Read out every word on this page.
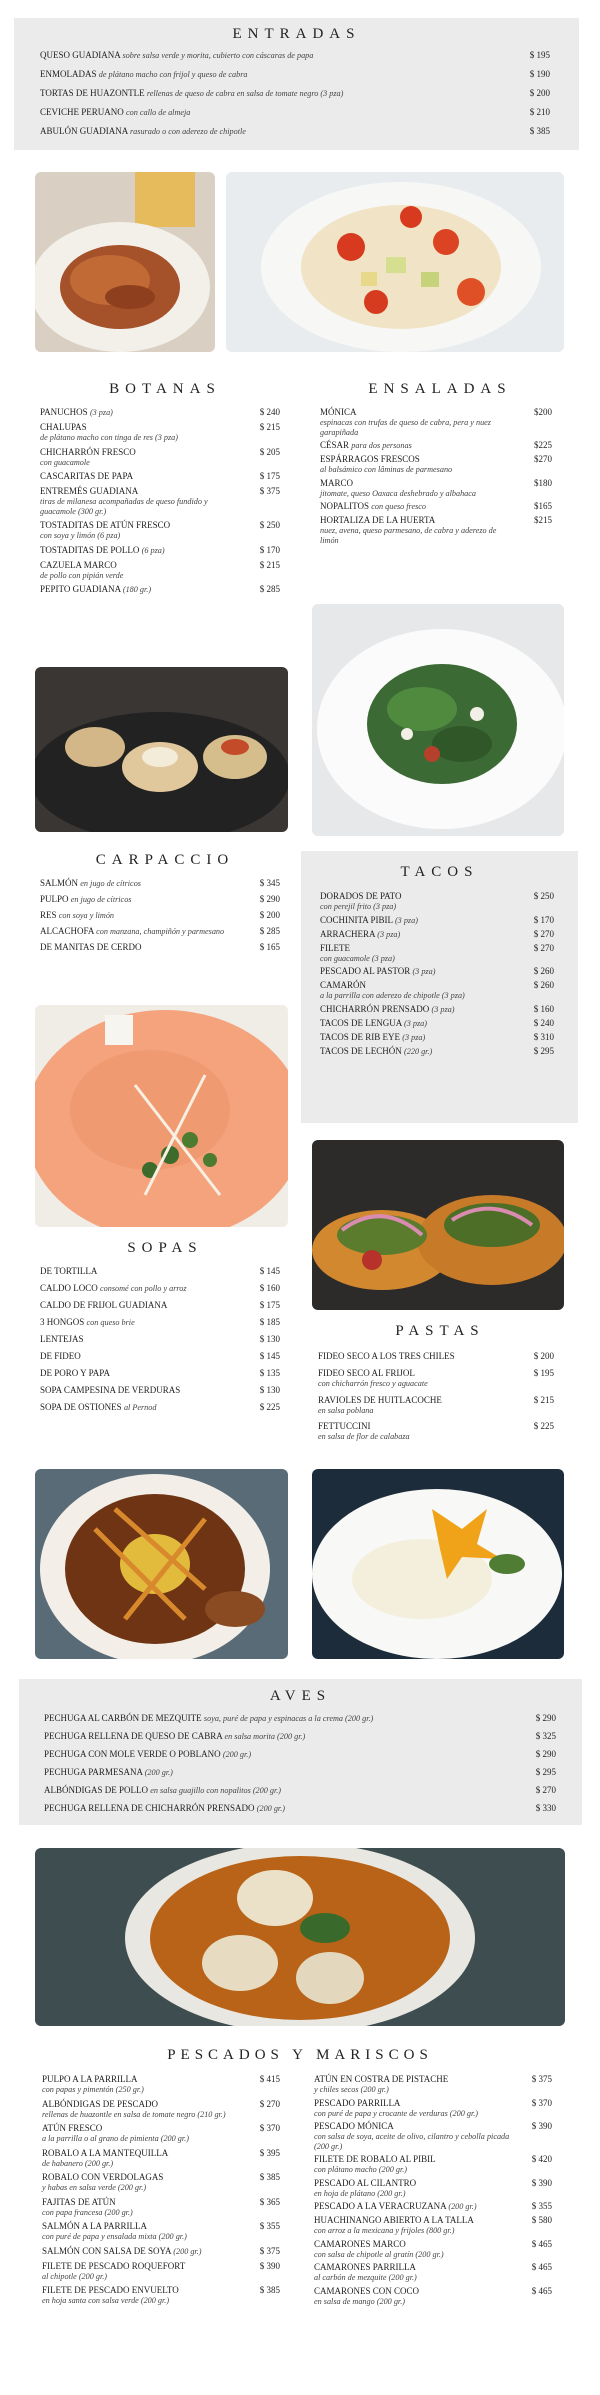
ENTRADAS
QUESO GUADIANA sobre salsa verde y morita, cubierto con cáscaras de papa	$ 195
ENMOLADAS de plátano macho con frijol y queso de cabra	$ 190
TORTAS DE HUAZONTLE rellenas de queso de cabra en salsa de tomate negro (3 pza)	$ 200
CEVICHE PERUANO con callo de almeja	$ 210
ABULÓN GUADIANA rasurado o con aderezo de chipotle	$ 385
BOTANAS
PANUCHOS (3 pza)	$ 240
CHALUPAS	$ 215
de plátano macho con tinga de res (3 pza)
CHICHARRÓN FRESCO	$ 205
con guacamole
CASCARITAS DE PAPA	$ 175
ENTREMÉS GUADIANA	$ 375
tiras de milanesa acompañadas de queso fundido y guacamole (300 gr.)
TOSTADITAS DE ATÚN FRESCO	$ 250
con soya y limón (6 pza)
TOSTADITAS DE POLLO (6 pza)	$ 170
CAZUELA MARCO	$ 215
de pollo con pipián verde
PEPITO GUADIANA (180 gr.)	$ 285
ENSALADAS
MÓNICA	$200
espinacas con trufas de queso de cabra, pera y nuez garapiñada
CÉSAR para dos personas	$225
ESPÁRRAGOS FRESCOS	$270
al balsámico con lâminas de parmesano
MARCO	$180
jitomate, queso Oaxaca deshebrado y albahaca
NOPALITOS con queso fresco	$165
HORTALIZA DE LA HUERTA	$215
nuez, avena, queso parmesano, de cabra y aderezo de limón
CARPACCIO
SALMÓN en jugo de cítricos	$ 345
PULPO en jugo de cítricos	$ 290
RES con soya y limón	$ 200
ALCACHOFA con manzana, champiñón y parmesano	$ 285
DE MANITAS DE CERDO	$ 165
TACOS
DORADOS DE PATO	$ 250
con perejil frito (3 pza)
COCHINITA PIBIL (3 pza)	$ 170
ARRACHERA (3 pza)	$ 270
FILETE	$ 270
con guacamole (3 pza)
PESCADO AL PASTOR (3 pza)	$ 260
CAMARÓN	$ 260
a la parrilla con aderezo de chipotle (3 pza)
CHICHARRÓN PRENSADO (3 pza)	$ 160
TACOS DE LENGUA (3 pza)	$ 240
TACOS DE RIB EYE (3 pza)	$ 310
TACOS DE LECHÓN (220 gr.)	$ 295
SOPAS
DE TORTILLA	$ 145
CALDO LOCO consomé con pollo y arroz	$ 160
CALDO DE FRIJOL GUADIANA	$ 175
3 HONGOS con queso brie	$ 185
LENTEJAS	$ 130
DE FIDEO	$ 145
DE PORO Y PAPA	$ 135
SOPA CAMPESINA DE VERDURAS	$ 130
SOPA DE OSTIONES al Pernod	$ 225
PASTAS
FIDEO SECO A LOS TRES CHILES	$ 200
FIDEO SECO AL FRIJOL	$ 195
con chicharrón fresco y aguacate
RAVIOLES DE HUITLACOCHE	$ 215
en salsa poblana
FETTUCCINI	$ 225
en salsa de flor de calabaza
AVES
PECHUGA AL CARBÓN DE MEZQUITE soya, puré de papa y espinacas a la crema (200 gr.)	$ 290
PECHUGA RELLENA DE QUESO DE CABRA en salsa morita (200 gr.)	$ 325
PECHUGA CON MOLE VERDE O POBLANO (200 gr.)	$ 290
PECHUGA PARMESANA (200 gr.)	$ 295
ALBÓNDIGAS DE POLLO en salsa guajillo con nopalitos (200 gr.)	$ 270
PECHUGA RELLENA DE CHICHARRÓN PRENSADO (200 gr.)	$ 330
PESCADOS Y MARISCOS
PULPO A LA PARRILLA	$ 415
con papas y pimentón (250 gr.)
ALBÓNDIGAS DE PESCADO	$ 270
rellenas de huazontle en salsa de tomate negro (210 gr.)
ATÚN FRESCO	$ 370
a la parrilla o al grano de pimienta (200 gr.)
ROBALO A LA MANTEQUILLA	$ 395
de habanero (200 gr.)
ROBALO CON VERDOLAGAS	$ 385
y habas en salsa verde (200 gr.)
FAJITAS DE ATÚN	$ 365
con papa francesa (200 gr.)
SALMÓN A LA PARRILLA	$ 355
con puré de papa y ensalada mixta (200 gr.)
SALMÓN CON SALSA DE SOYA (200 gr.)	$ 375
FILETE DE PESCADO ROQUEFORT	$ 390
al chipotle (200 gr.)
FILETE DE PESCADO ENVUELTO	$ 385
en hoja santa con salsa verde (200 gr.)
ATÚN EN COSTRA DE PISTACHE	$ 375
y chiles secos (200 gr.)
PESCADO PARRILLA	$ 370
con puré de papa y crocante de verduras (200 gr.)
PESCADO MÓNICA	$ 390
con salsa de soya, aceite de olivo, cilantro y cebolla picada (200 gr.)
FILETE DE ROBALO AL PIBIL	$ 420
con plátano macho (200 gr.)
PESCADO AL CILANTRO	$ 390
en hoja de plátano (200 gr.)
PESCADO A LA VERACRUZANA (200 gr.)	$ 355
HUACHINANGO ABIERTO A LA TALLA	$ 580
con arroz a la mexicana y frijoles (800 gr.)
CAMARONES MARCO	$ 465
con salsa de chipotle al gratín (200 gr.)
CAMARONES PARRILLA	$ 465
al carbón de mezquite (200 gr.)
CAMARONES CON COCO	$ 465
en salsa de mango (200 gr.)
